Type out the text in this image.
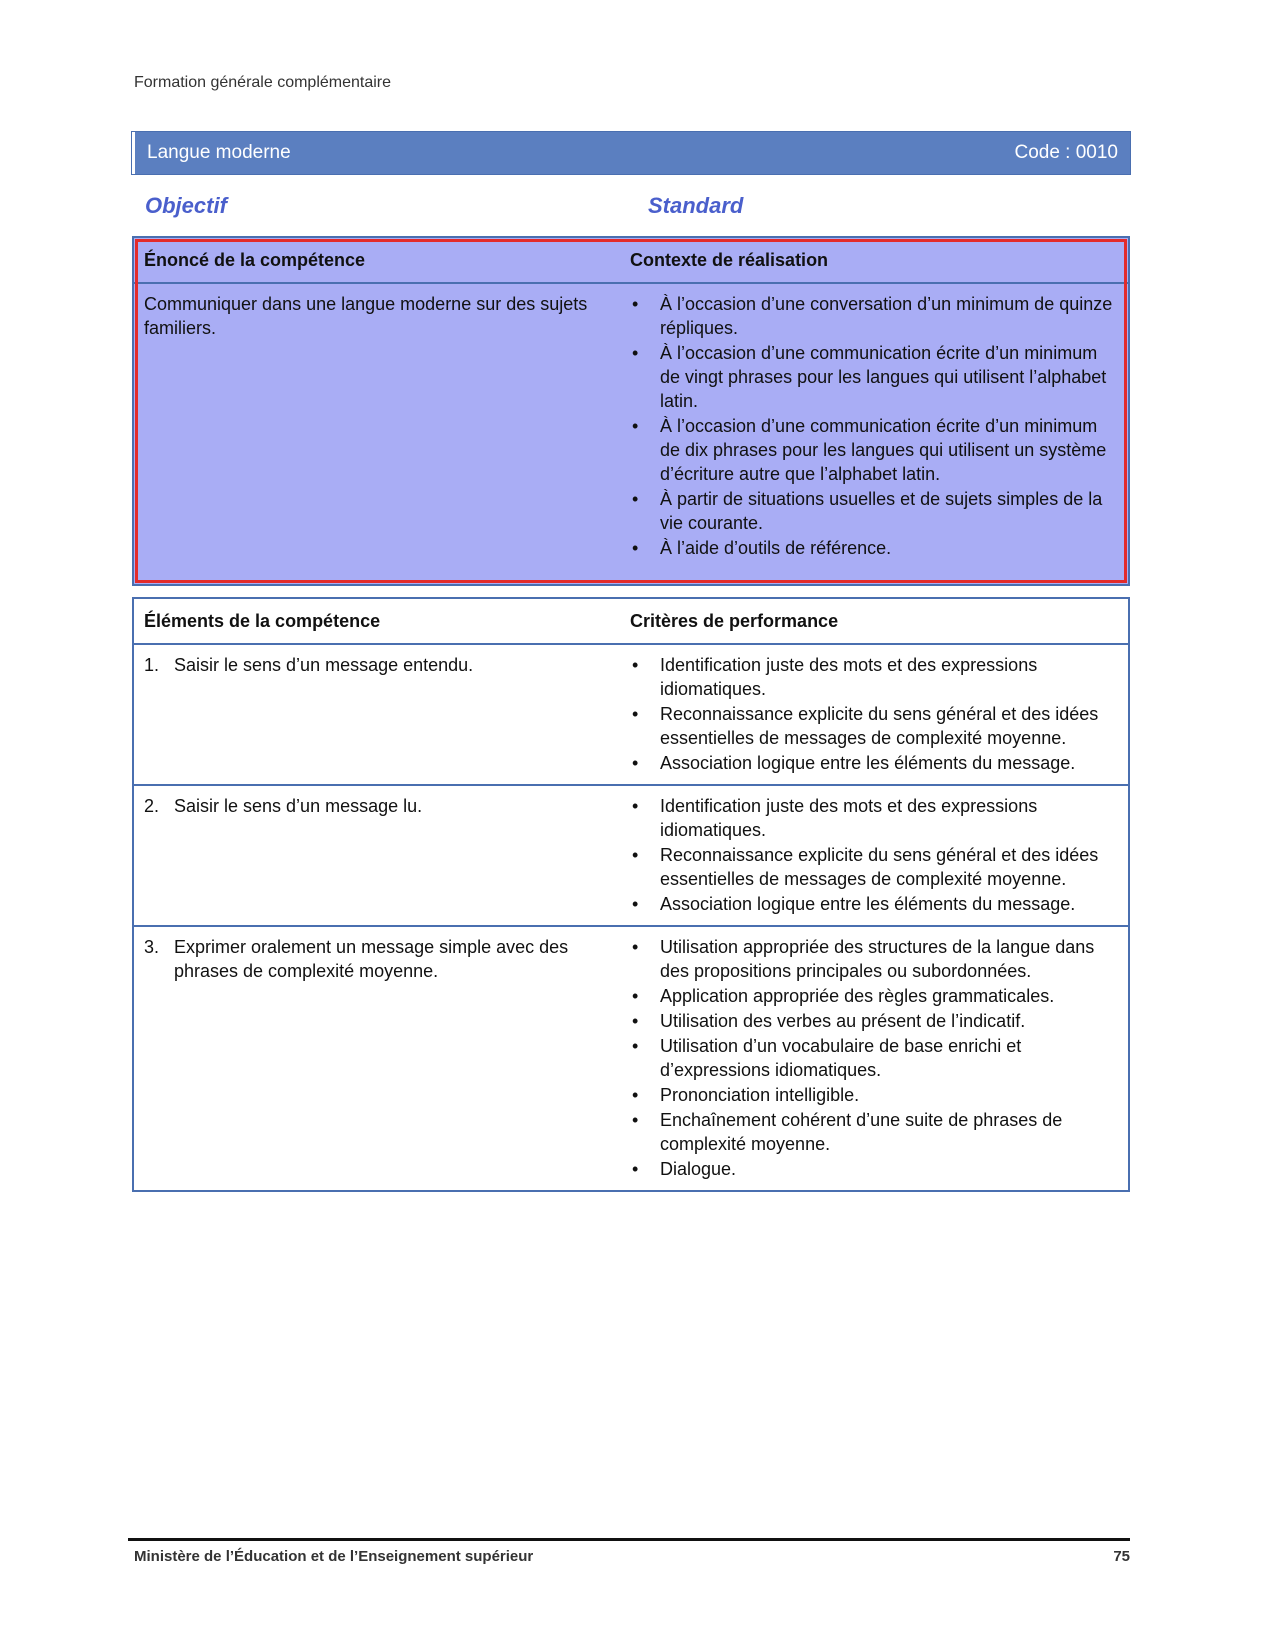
Formation générale complémentaire
Langue moderne	Code : 0010
Objectif	Standard
Énoncé de la compétence	Contexte de réalisation
Communiquer dans une langue moderne sur des sujets familiers.
• À l’occasion d’une conversation d’un minimum de quinze répliques.
• À l’occasion d’une communication écrite d’un minimum de vingt phrases pour les langues qui utilisent l’alphabet latin.
• À l’occasion d’une communication écrite d’un minimum de dix phrases pour les langues qui utilisent un système d’écriture autre que l’alphabet latin.
• À partir de situations usuelles et de sujets simples de la vie courante.
• À l’aide d’outils de référence.
Éléments de la compétence	Critères de performance
1. Saisir le sens d’un message entendu.	• Identification juste des mots et des expressions idiomatiques.
• Reconnaissance explicite du sens général et des idées essentielles de messages de complexité moyenne.
• Association logique entre les éléments du message.
2. Saisir le sens d’un message lu.	• Identification juste des mots et des expressions idiomatiques.
• Reconnaissance explicite du sens général et des idées essentielles de messages de complexité moyenne.
• Association logique entre les éléments du message.
3. Exprimer oralement un message simple avec des phrases de complexité moyenne.
• Utilisation appropriée des structures de la langue dans des propositions principales ou subordonnées.
• Application appropriée des règles grammaticales.
• Utilisation des verbes au présent de l’indicatif.
• Utilisation d’un vocabulaire de base enrichi et d’expressions idiomatiques.
• Prononciation intelligible.
• Enchaînement cohérent d’une suite de phrases de complexité moyenne.
• Dialogue.
Ministère de l’Éducation et de l’Enseignement supérieur	75
